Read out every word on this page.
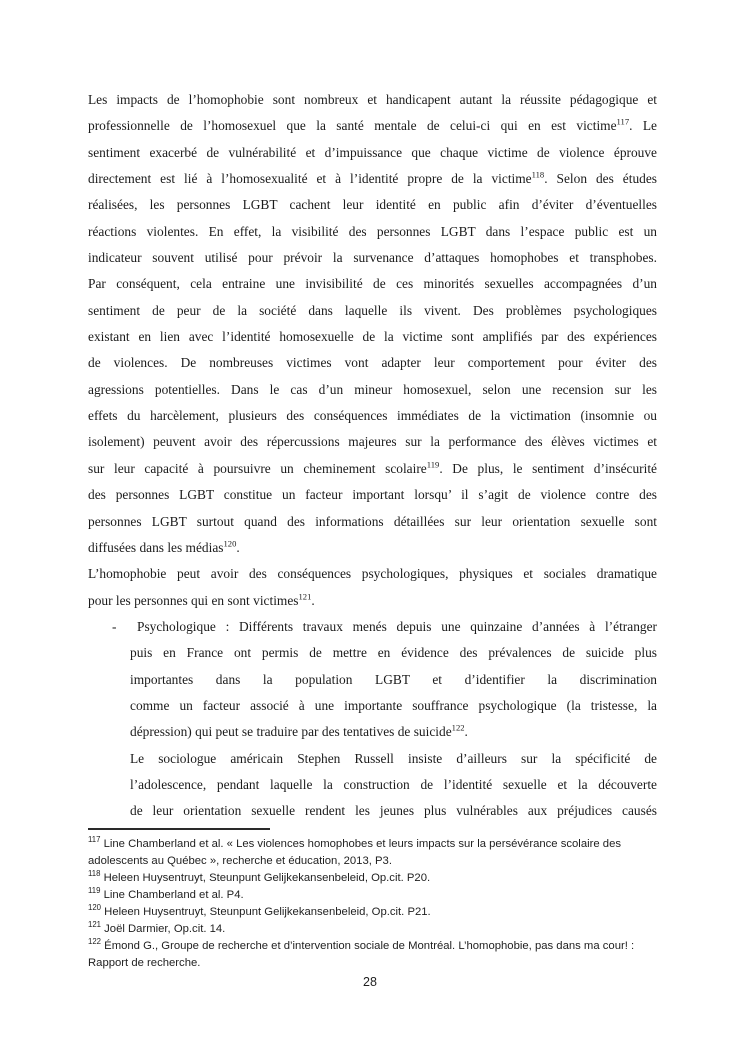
Les impacts de l’homophobie sont nombreux et handicapent autant la réussite pédagogique et
professionnelle de l’homosexuel que la santé mentale de celui-ci qui en est victime$^{117}$. Le
sentiment exacerbé de vulnérabilité et d’impuissance que chaque victime de violence éprouve
directement est lié à l’homosexualité et à l’identité propre de la victime$^{118}$. Selon des études
réalisées, les personnes LGBT cachent leur identité en public afin d’éviter d’éventuelles
réactions violentes. En effet, la visibilité des personnes LGBT dans l’espace public est un
indicateur souvent utilisé pour prévoir la survenance d’attaques homophobes et transphobes.
Par conséquent, cela entraine une invisibilité de ces minorités sexuelles accompagnées d’un
sentiment de peur de la société dans laquelle ils vivent. Des problèmes psychologiques
existant en lien avec l’identité homosexuelle de la victime sont amplifiés par des expériences
de violences. De nombreuses victimes vont adapter leur comportement pour éviter des
agressions potentielles. Dans le cas d’un mineur homosexuel, selon une recension sur les
effets du harcèlement, plusieurs des conséquences immédiates de la victimation (insomnie ou
isolement) peuvent avoir des répercussions majeures sur la performance des élèves victimes et
sur leur capacité à poursuivre un cheminement scolaire$^{119}$. De plus, le sentiment d’insécurité
des personnes LGBT constitue un facteur important lorsqu’ il s’agit de violence contre des
personnes LGBT surtout quand des informations détaillées sur leur orientation sexuelle sont
diffusées dans les médias$^{120}$.
L’homophobie peut avoir des conséquences psychologiques, physiques et sociales dramatique
pour les personnes qui en sont victimes$^{121}$.
- Psychologique : Différents travaux menés depuis une quinzaine d’années à l’étranger
puis en France ont permis de mettre en évidence des prévalences de suicide plus
importantes dans la population LGBT et d’identifier la discrimination
comme un facteur associé à une importante souffrance psychologique (la tristesse, la
dépression) qui peut se traduire par des tentatives de suicide$^{122}$.
Le sociologue américain Stephen Russell insiste d’ailleurs sur la spécificité de
l’adolescence, pendant laquelle la construction de l’identité sexuelle et la découverte
de leur orientation sexuelle rendent les jeunes plus vulnérables aux préjudices causés
$^{117}$ Line Chamberland et al. « Les violences homophobes et leurs impacts sur la persévérance scolaire des
adolescents au Québec », recherche et éducation, 2013, P3.
$^{118}$ Heleen Huysentruyt, Steunpunt Gelijkekansenbeleid, Op.cit. P20.
$^{119}$ Line Chamberland et al. P4.
$^{120}$ Heleen Huysentruyt, Steunpunt Gelijkekansenbeleid, Op.cit. P21.
$^{121}$ Joël Darmier, Op.cit. 14.
$^{122}$ Émond G., Groupe de recherche et d’intervention sociale de Montréal. L’homophobie, pas dans ma cour! :
Rapport de recherche.
28
